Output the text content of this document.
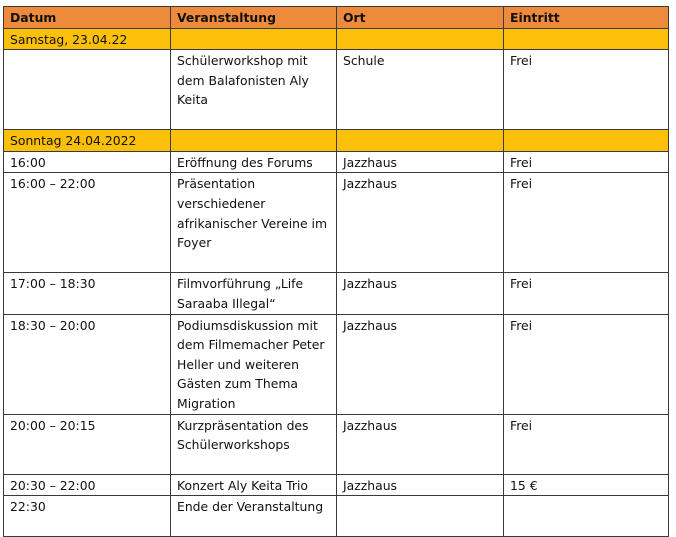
Datum	Veranstaltung	Ort	Eintritt
Samstag, 23.04.22			
	Schülerworkshop mit dem Balafonisten Aly Keita	Schule	Frei
Sonntag 24.04.2022			
16:00	Eröffnung des Forums	Jazzhaus	Frei
16:00 – 22:00	Präsentation verschiedener afrikanischer Vereine im Foyer	Jazzhaus	Frei
17:00 – 18:30	Filmvorführung „Life Saraaba Illegal“	Jazzhaus	Frei
18:30 – 20:00	Podiumsdiskussion mit dem Filmemacher Peter Heller und weiteren Gästen zum Thema Migration	Jazzhaus	Frei
20:00 – 20:15	Kurzpräsentation des Schülerworkshops	Jazzhaus	Frei
20:30 – 22:00	Konzert Aly Keita Trio	Jazzhaus	15 €
22:30	Ende der Veranstaltung		
